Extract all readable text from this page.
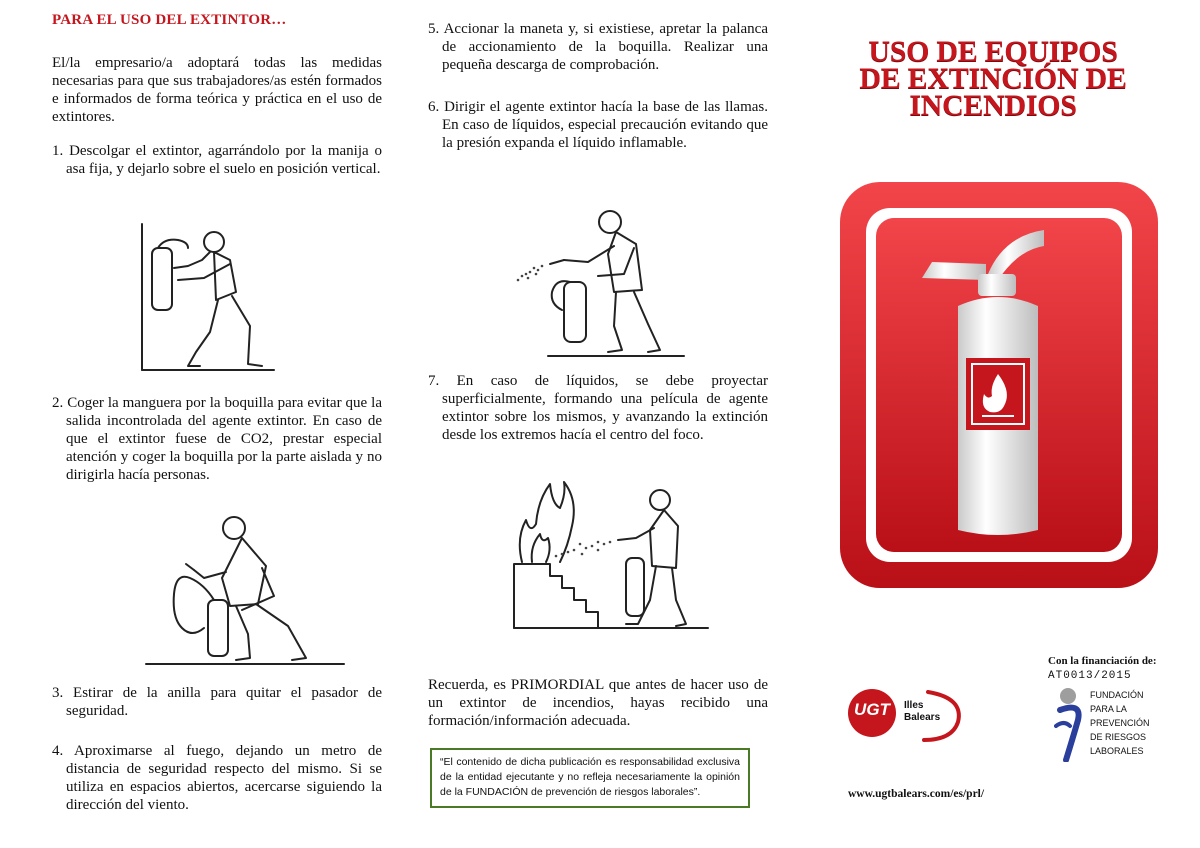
PARA EL USO DEL EXTINTOR…
El/la empresario/a adoptará todas las medidas necesarias para que sus trabajadores/as estén formados e informados de forma teórica y práctica en el uso de extintores.
1. Descolgar el extintor, agarrándolo por la manija o asa fija, y dejarlo sobre el suelo en posición vertical.
2. Coger la manguera por la boquilla para evitar que la salida incontrolada del agente extintor. En caso de que el extintor fuese de CO2, prestar especial atención y coger la boquilla por la parte aislada y no dirigirla hacía personas.
3. Estirar de la anilla para quitar el pasador de seguridad.
4. Aproximarse al fuego, dejando un metro de distancia de seguridad respecto del mismo. Si se utiliza en espacios abiertos, acercarse siguiendo la dirección del viento.
5. Accionar la maneta y, si existiese, apretar la palanca de accionamiento de la boquilla. Realizar una pequeña descarga de comprobación.
6. Dirigir el agente extintor hacía la base de las llamas. En caso de líquidos, especial precaución evitando que la presión expanda el líquido inflamable.
7. En caso de líquidos, se debe proyectar superficialmente, formando una película de agente extintor sobre los mismos, y avanzando la extinción desde los extremos hacía el centro del foco.
Recuerda, es PRIMORDIAL que antes de hacer uso de un extintor de incendios, hayas recibido una formación/información adecuada.
“El contenido de dicha publicación es responsabilidad exclusiva de la entidad ejecutante y no refleja necesariamente la opinión de la FUNDACIÓN de prevención de riesgos laborales”.
USO DE EQUIPOS
DE EXTINCIÓN DE
INCENDIOS
Con la financiación de:
AT0013/2015
UGT Illes
Balears
FUNDACIÓN
PARA LA
PREVENCIÓN
DE RIESGOS
LABORALES
www.ugtbalears.com/es/prl/
